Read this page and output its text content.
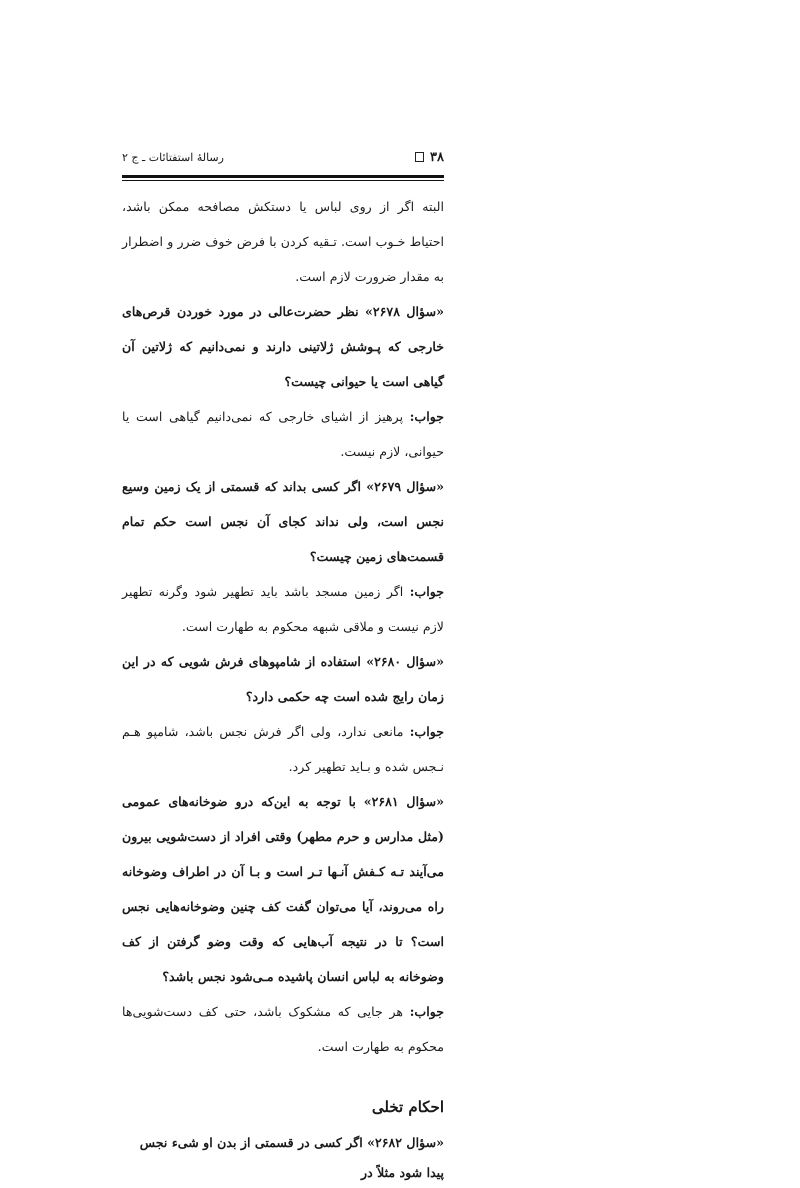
۳۸
رسالۀ استفتائات ـ ج ۲

البته اگر از روی لباس یا دستکش مصافحه ممکن باشد، احتیاط خـوب است. تـقیه کردن با فرض خوف ضرر و اضطرار به مقدار ضرورت لازم است.

«سؤال ۲۶۷۸» نظر حضرت‌عالی در مورد خوردن قرص‌های خارجی که پـوشش ژلاتینی دارند و نمی‌دانیم که ژلاتین آن گیاهی است یا حیوانی چیست؟

جواب: پرهیز از اشیای خارجی که نمی‌دانیم گیاهی است یا حیوانی، لازم نیست.

«سؤال ۲۶۷۹» اگر کسی بداند که قسمتی از یک زمین وسیع نجس است، ولی نداند کجای آن نجس است حکم تمام قسمت‌های زمین چیست؟

جواب: اگر زمین مسجد باشد باید تطهیر شود وگرنه تطهیر لازم نیست و ملاقی شبهه محکوم به طهارت است.

«سؤال ۲۶۸۰» استفاده از شامپوهای فرش شویی که در این زمان رایج شده است چه حکمی دارد؟

جواب: مانعی ندارد، ولی اگر فرش نجس باشد، شامپو هـم نـجس شده و بـاید تطهیر کرد.

«سؤال ۲۶۸۱» با توجه به این‌که درو ضوخانه‌های عمومی (مثل مدارس و حرم مطهر) وقتی افراد از دست‌شویی بیرون می‌آیند تـه کـفش آنـها تـر است و بـا آن در اطراف وضوخانه راه می‌روند، آیا می‌توان گفت کف چنین وضوخانه‌هایی نجس است؟ تا در نتیجه آب‌هایی که وقت وضو گرفتن از کف وضوخانه به لباس انسان پاشیده مـی‌شود نجس باشد؟

جواب: هر جایی که مشکوک باشد، حتی کف دست‌شویی‌ها محکوم به طهارت است.

احکام تخلی
«سؤال ۲۶۸۲» اگر کسی در قسمتی از بدن او شیء نجس پیدا شود مثلاً در
